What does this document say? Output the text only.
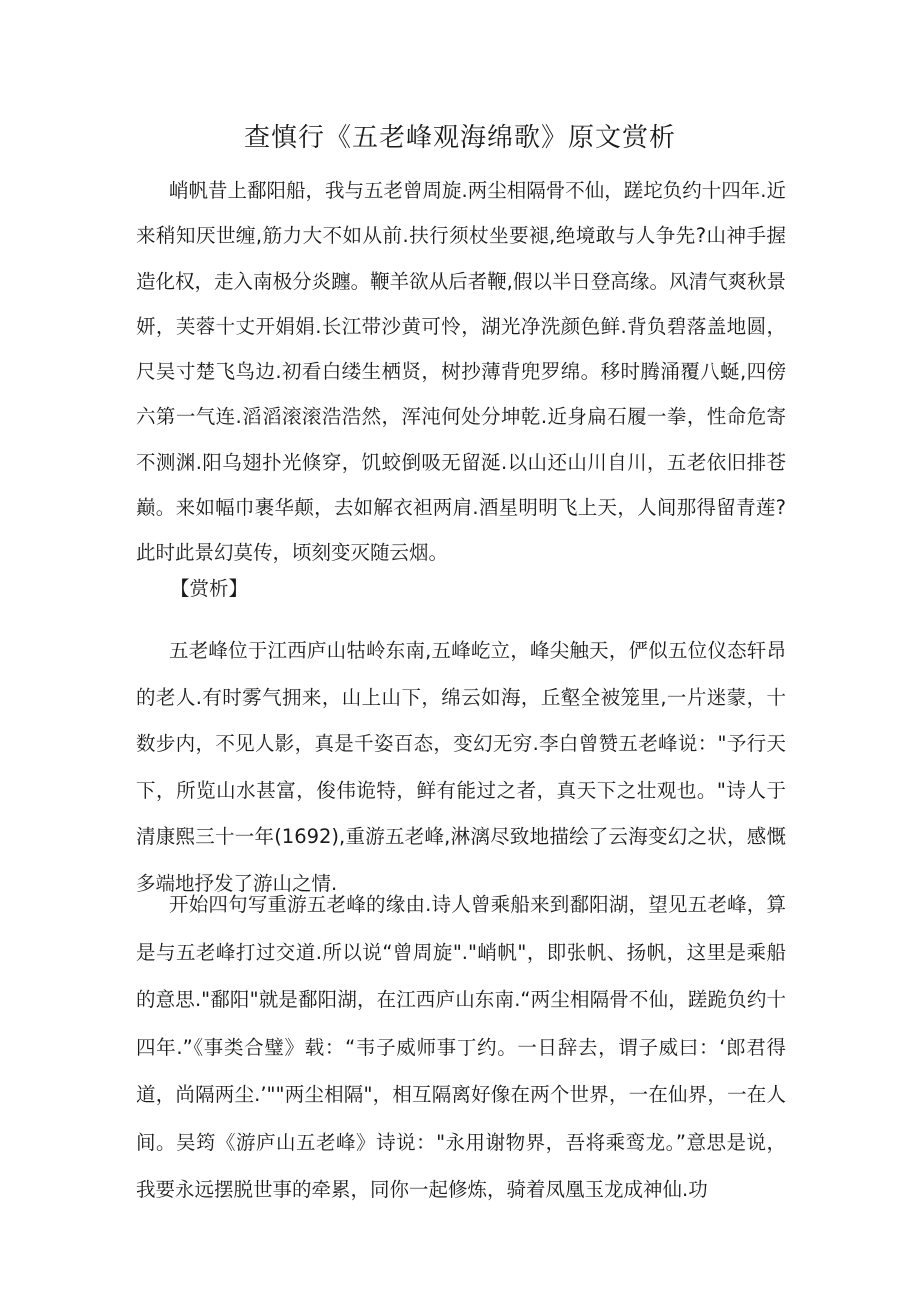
查慎行《五老峰观海绵歌》原文赏析

峭帆昔上鄱阳船，我与五老曾周旋.两尘相隔骨不仙，蹉坨负约十四年.近来稍知厌世缠,筋力大不如从前.扶行须杖坐要褪,绝境敢与人争先?山神手握造化权，走入南极分炎躔。鞭羊欲从后者鞭,假以半日登高缘。风清气爽秋景妍，芙蓉十丈开娟娟.长江带沙黄可怜，湖光净洗颜色鲜.背负碧落盖地圆，尺吴寸楚飞鸟边.初看白缕生栖贤，树抄薄背兜罗绵。移时腾涌覆八蜒,四傍六第一气连.滔滔滚滚浩浩然，浑沌何处分坤乾.近身扁石履一拳，性命危寄不测渊.阳乌翅扑光倏穿，饥蛟倒吸无留涎.以山还山川自川，五老依旧排苍巅。来如幅巾裹华颠，去如解衣袒两肩.酒星明明飞上天，人间那得留青莲?此时此景幻莫传，顷刻变灭随云烟。

【赏析】

五老峰位于江西庐山牯岭东南,五峰屹立，峰尖触天，俨似五位仪态轩昂的老人.有时雾气拥来，山上山下，绵云如海，丘壑全被笼里,一片迷蒙，十数步内，不见人影，真是千姿百态，变幻无穷.李白曾赞五老峰说："予行天下，所览山水甚富，俊伟诡特，鲜有能过之者，真天下之壮观也。"诗人于清康熙三十一年(1692),重游五老峰,淋漓尽致地描绘了云海变幻之状，感慨多端地抒发了游山之情.

开始四句写重游五老峰的缘由.诗人曾乘船来到鄱阳湖，望见五老峰，算是与五老峰打过交道.所以说“曾周旋"."峭帆"，即张帆、扬帆，这里是乘船的意思."鄱阳"就是鄱阳湖，在江西庐山东南.“两尘相隔骨不仙，蹉跪负约十四年.”《事类合璧》载：“韦子威师事丁约。一日辞去，谓子威曰：‘郎君得道，尚隔两尘.’""两尘相隔"，相互隔离好像在两个世界，一在仙界，一在人间。吴筠《游庐山五老峰》诗说："永用谢物界，吾将乘鸾龙。”意思是说，我要永远摆脱世事的牵累，同你一起修炼，骑着凤凰玉龙成神仙.功
